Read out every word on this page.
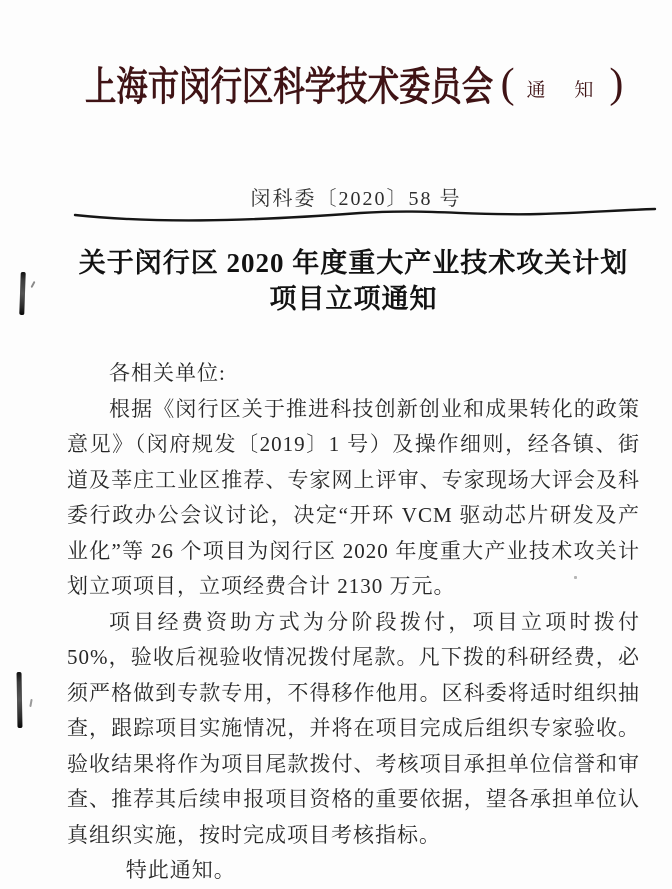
上海市闵行区科学技术委员会 ( 通 知 )
闵科委〔2020〕58 号
关于闵行区 2020 年度重大产业技术攻关计划
项目立项通知

各相关单位:

根据《闵行区关于推进科技创新创业和成果转化的政策意见》（闵府规发〔2019〕1 号）及操作细则，经各镇、街道及莘庄工业区推荐、专家网上评审、专家现场大评会及科委行政办公会议讨论，决定“开环 VCM 驱动芯片研发及产业化”等 26 个项目为闵行区 2020 年度重大产业技术攻关计划立项项目，立项经费合计 2130 万元。

项目经费资助方式为分阶段拨付，项目立项时拨付 50%，验收后视验收情况拨付尾款。凡下拨的科研经费，必须严格做到专款专用，不得移作他用。区科委将适时组织抽查，跟踪项目实施情况，并将在项目完成后组织专家验收。验收结果将作为项目尾款拨付、考核项目承担单位信誉和审查、推荐其后续申报项目资格的重要依据，望各承担单位认真组织实施，按时完成项目考核指标。

特此通知。
